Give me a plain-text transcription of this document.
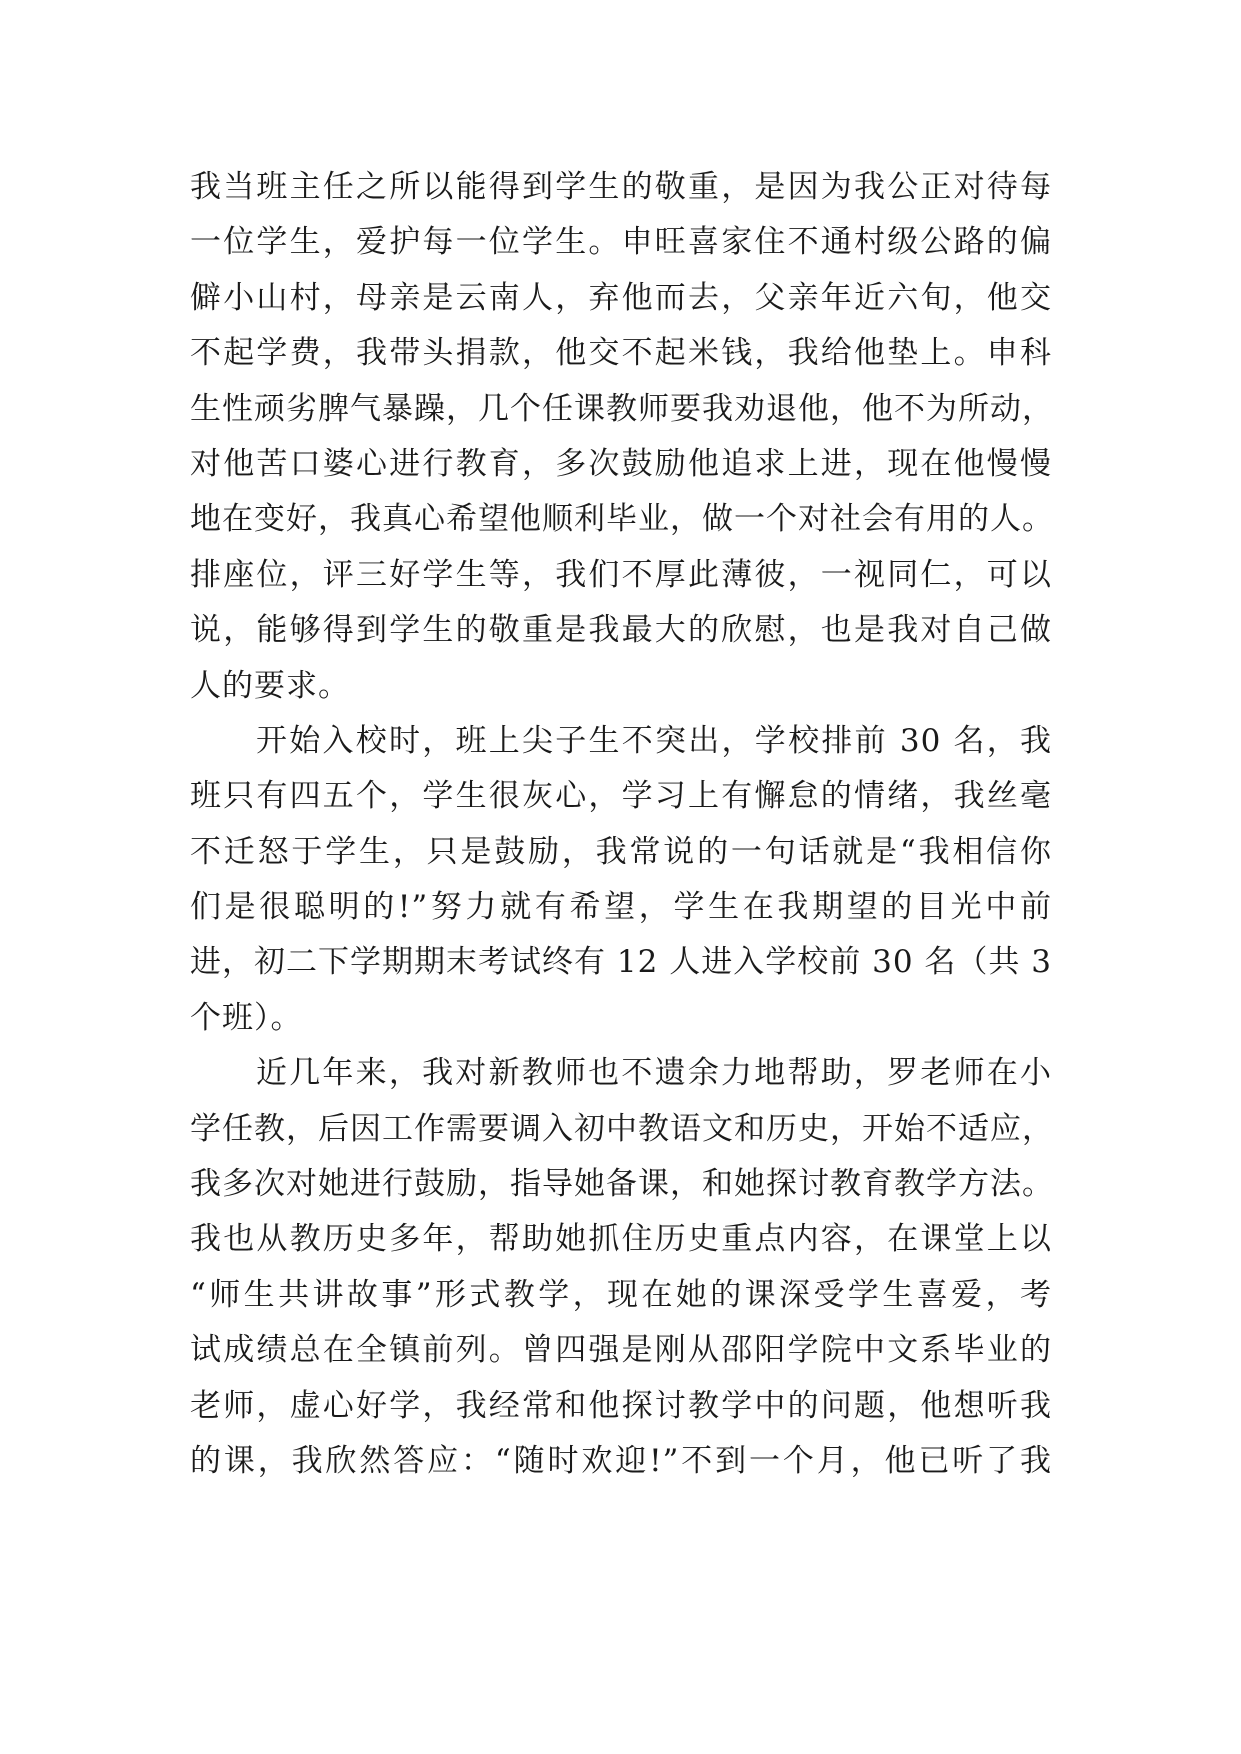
我当班主任之所以能得到学生的敬重，是因为我公正对待每
一位学生，爱护每一位学生。申旺喜家住不通村级公路的偏
僻小山村，母亲是云南人，弃他而去，父亲年近六旬，他交
不起学费，我带头捐款，他交不起米钱，我给他垫上。申科
生性顽劣脾气暴躁，几个任课教师要我劝退他，他不为所动，
对他苦口婆心进行教育，多次鼓励他追求上进，现在他慢慢
地在变好，我真心希望他顺利毕业，做一个对社会有用的人。
排座位，评三好学生等，我们不厚此薄彼，一视同仁，可以
说，能够得到学生的敬重是我最大的欣慰，也是我对自己做
人的要求。
开始入校时，班上尖子生不突出，学校排前 30 名，我
班只有四五个，学生很灰心，学习上有懈怠的情绪，我丝毫
不迁怒于学生，只是鼓励，我常说的一句话就是“我相信你
们是很聪明的!”努力就有希望，学生在我期望的目光中前
进，初二下学期期末考试终有 12 人进入学校前 30 名（共 3
个班）。
近几年来，我对新教师也不遗余力地帮助，罗老师在小
学任教，后因工作需要调入初中教语文和历史，开始不适应，
我多次对她进行鼓励，指导她备课，和她探讨教育教学方法。
我也从教历史多年，帮助她抓住历史重点内容，在课堂上以
“师生共讲故事”形式教学，现在她的课深受学生喜爱，考
试成绩总在全镇前列。曾四强是刚从邵阳学院中文系毕业的
老师，虚心好学，我经常和他探讨教学中的问题，他想听我
的课，我欣然答应：“随时欢迎!”不到一个月，他已听了我
